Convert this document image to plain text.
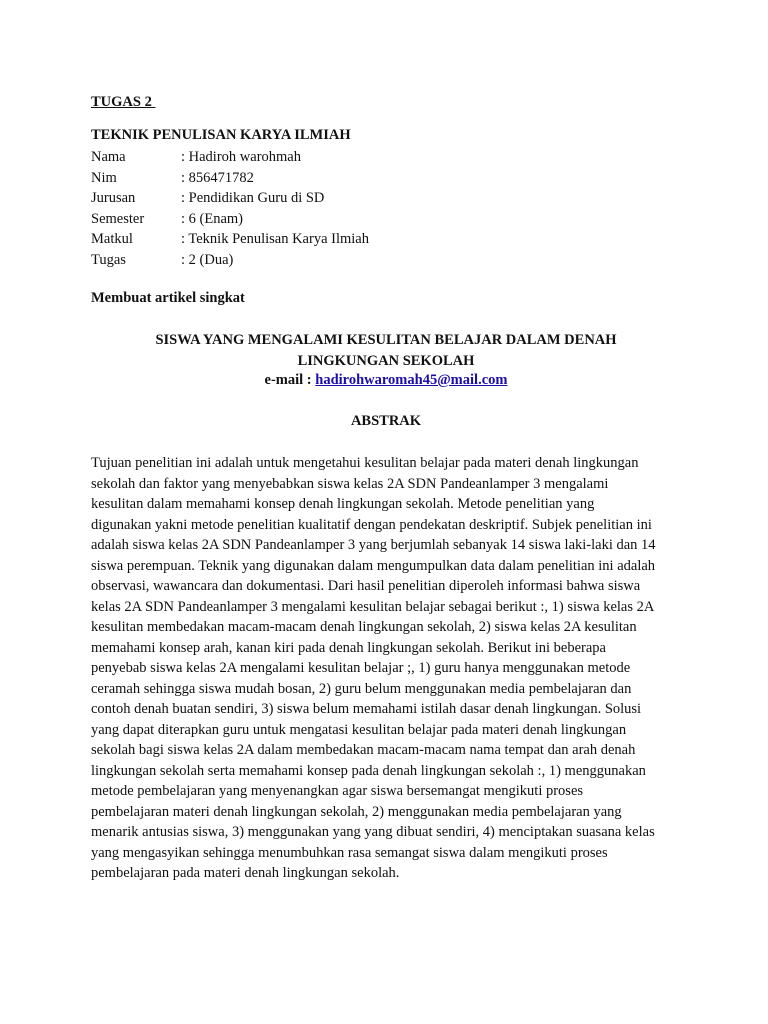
TUGAS 2
TEKNIK PENULISAN KARYA ILMIAH
Nama	: Hadiroh warohmah
Nim	: 856471782
Jurusan	: Pendidikan Guru di SD
Semester	: 6 (Enam)
Matkul	: Teknik Penulisan Karya Ilmiah
Tugas	: 2 (Dua)
Membuat artikel singkat
SISWA YANG MENGALAMI KESULITAN BELAJAR DALAM DENAH
LINGKUNGAN SEKOLAH
e-mail : hadirohwaromah45@mail.com
ABSTRAK
Tujuan penelitian ini adalah untuk mengetahui kesulitan belajar pada materi denah lingkungan
sekolah dan faktor yang menyebabkan siswa kelas 2A SDN Pandeanlamper 3 mengalami
kesulitan dalam memahami konsep denah lingkungan sekolah. Metode penelitian yang
digunakan yakni metode penelitian kualitatif dengan pendekatan deskriptif. Subjek penelitian ini
adalah siswa kelas 2A SDN Pandeanlamper 3 yang berjumlah sebanyak 14 siswa laki-laki dan 14
siswa perempuan. Teknik yang digunakan dalam mengumpulkan data dalam penelitian ini adalah
observasi, wawancara dan dokumentasi. Dari hasil penelitian diperoleh informasi bahwa siswa
kelas 2A SDN Pandeanlamper 3 mengalami kesulitan belajar sebagai berikut :, 1) siswa kelas 2A
kesulitan membedakan macam-macam denah lingkungan sekolah, 2) siswa kelas 2A kesulitan
memahami konsep arah, kanan kiri pada denah lingkungan sekolah. Berikut ini beberapa
penyebab siswa kelas 2A mengalami kesulitan belajar ;, 1) guru hanya menggunakan metode
ceramah sehingga siswa mudah bosan, 2) guru belum menggunakan media pembelajaran dan
contoh denah buatan sendiri, 3) siswa belum memahami istilah dasar denah lingkungan. Solusi
yang dapat diterapkan guru untuk mengatasi kesulitan belajar pada materi denah lingkungan
sekolah bagi siswa kelas 2A dalam membedakan macam-macam nama tempat dan arah denah
lingkungan sekolah serta memahami konsep pada denah lingkungan sekolah :, 1) menggunakan
metode pembelajaran yang menyenangkan agar siswa bersemangat mengikuti proses
pembelajaran materi denah lingkungan sekolah, 2) menggunakan media pembelajaran yang
menarik antusias siswa, 3) menggunakan yang yang dibuat sendiri, 4) menciptakan suasana kelas
yang mengasyikan sehingga menumbuhkan rasa semangat siswa dalam mengikuti proses
pembelajaran pada materi denah lingkungan sekolah.
